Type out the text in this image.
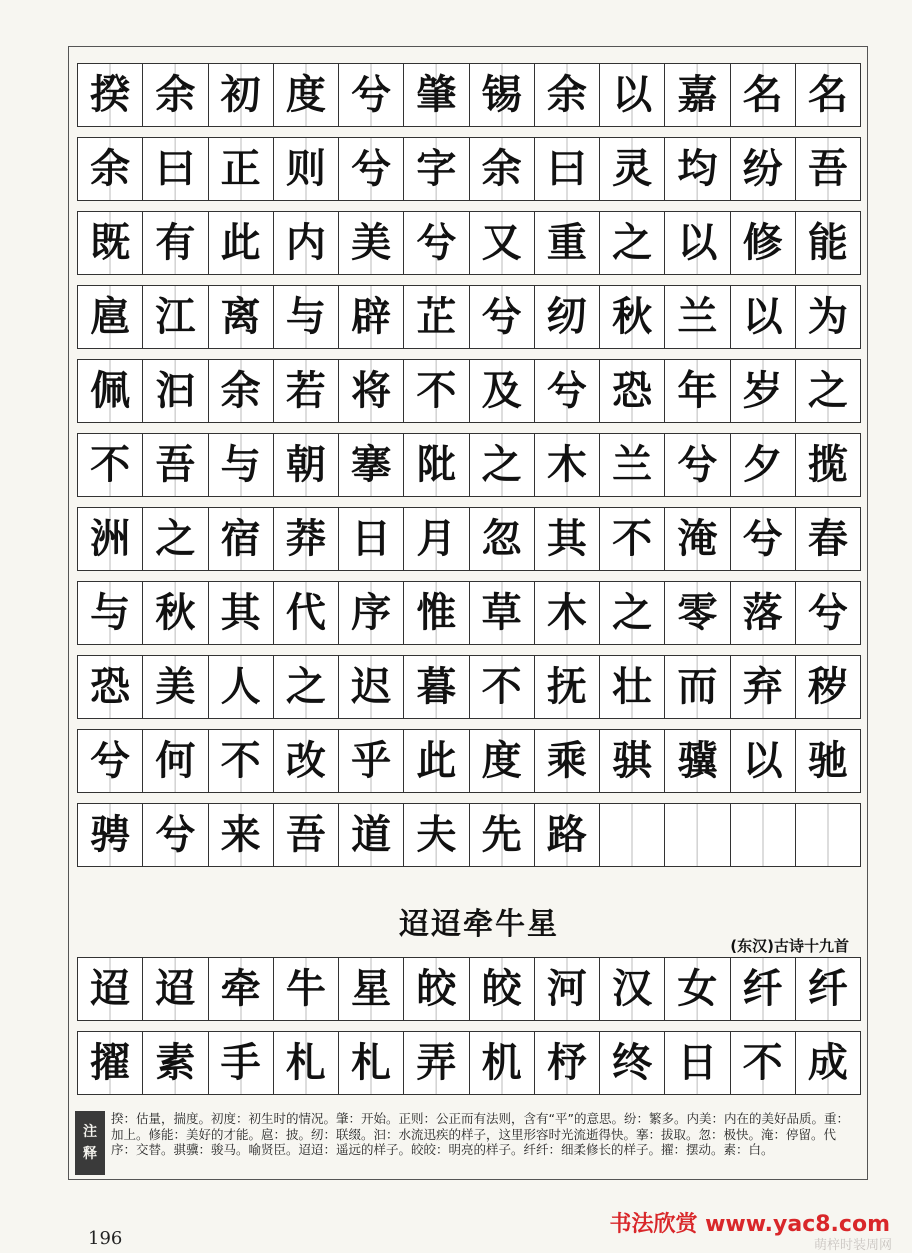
揆 余 初 度 兮 肇 锡 余 以 嘉 名 名
余 曰 正 则 兮 字 余 曰 灵 均 纷 吾
既 有 此 内 美 兮 又 重 之 以 修 能
扈 江 离 与 辟 芷 兮 纫 秋 兰 以 为
佩 汩 余 若 将 不 及 兮 恐 年 岁 之
不 吾 与 朝 搴 阰 之 木 兰 兮 夕 揽
洲 之 宿 莽 日 月 忽 其 不 淹 兮 春
与 秋 其 代 序 惟 草 木 之 零 落 兮
恐 美 人 之 迟 暮 不 抚 壮 而 弃 秽
兮 何 不 改 乎 此 度 乘 骐 骥 以 驰
骋 兮 来 吾 道 夫 先 路
迢迢牵牛星
(东汉)古诗十九首
迢 迢 牵 牛 星 皎 皎 河 汉 女 纤 纤
擢 素 手 札 札 弄 机 杼 终 日 不 成
注
释
揆：估量，揣度。初度：初生时的情况。肇：开始。正则：公正而有法则，含有“平”的意思。纷：繁多。内美：内在的美好品质。重：加上。修能：美好的才能。扈：披。纫：联缀。汩：水流迅疾的样子，这里形容时光流逝得快。搴：拔取。忽：极快。淹：停留。代序：交替。骐骥：骏马。喻贤臣。迢迢：遥远的样子。皎皎：明亮的样子。纤纤：细柔修长的样子。擢：摆动。素：白。
196
书法欣赏 www.yac8.com
萌梓时装周网
